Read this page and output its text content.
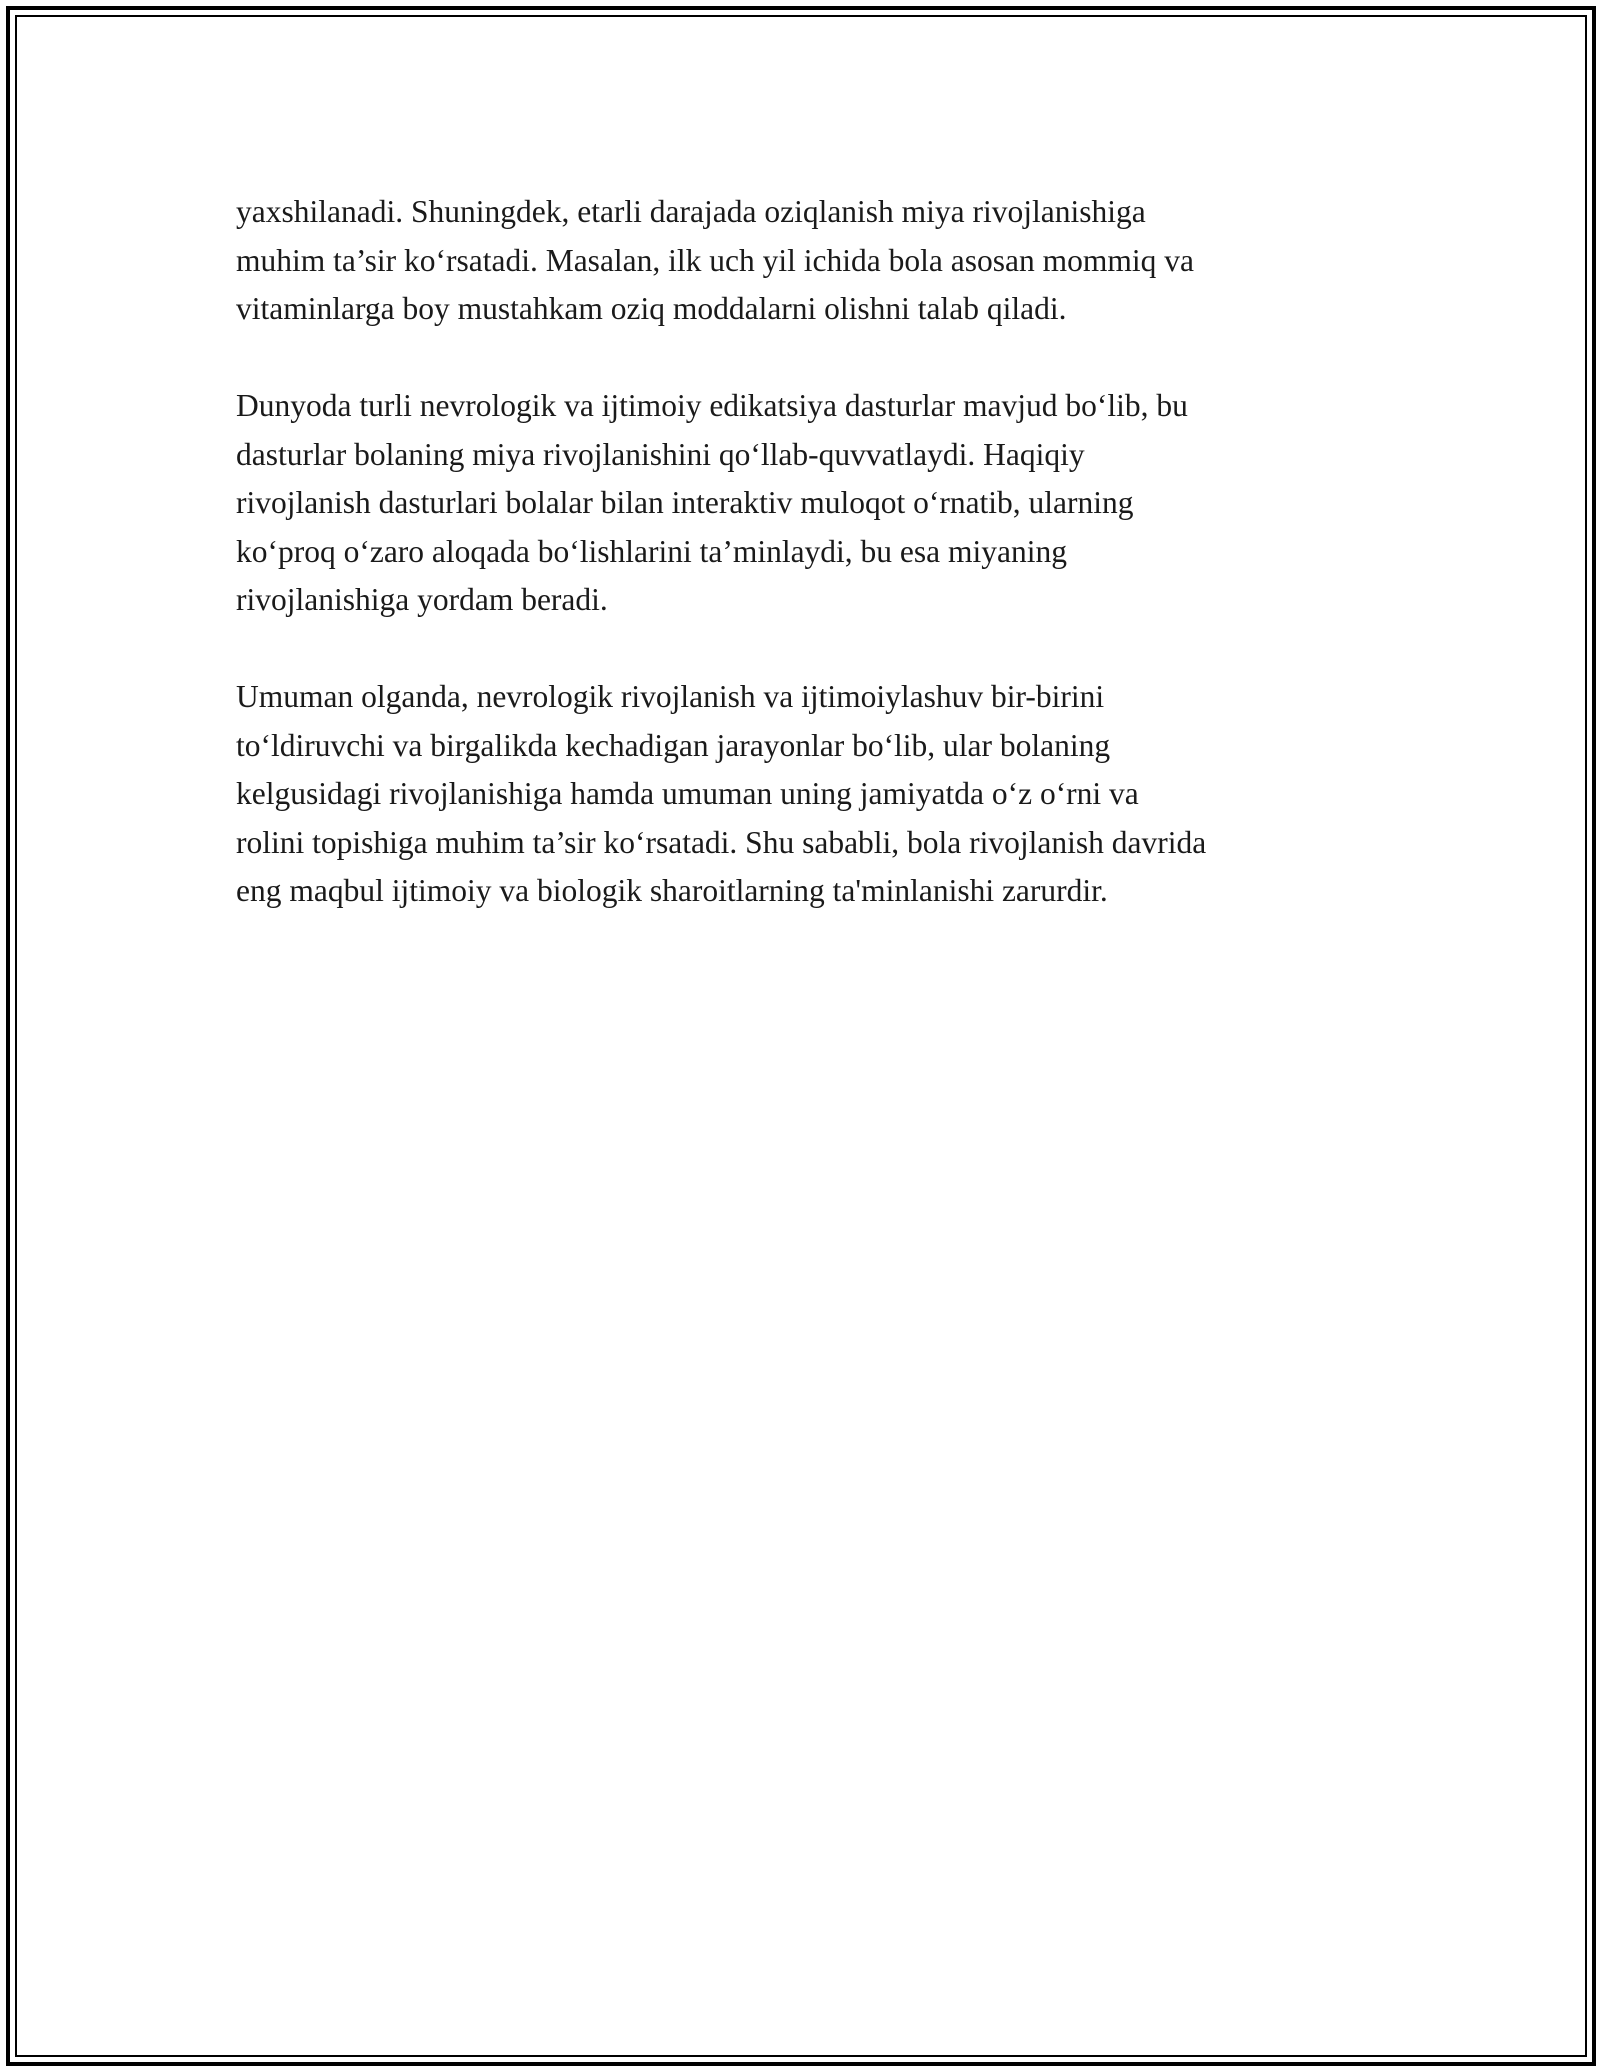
yaxshilanadi. Shuningdek, etarli darajada oziqlanish miya rivojlanishiga
muhim ta’sir ko‘rsatadi. Masalan, ilk uch yil ichida bola asosan mommiq va
vitaminlarga boy mustahkam oziq moddalarni olishni talab qiladi.

Dunyoda turli nevrologik va ijtimoiy edikatsiya dasturlar mavjud bo‘lib, bu
dasturlar bolaning miya rivojlanishini qo‘llab-quvvatlaydi. Haqiqiy
rivojlanish dasturlari bolalar bilan interaktiv muloqot o‘rnatib, ularning
ko‘proq o‘zaro aloqada bo‘lishlarini ta’minlaydi, bu esa miyaning
rivojlanishiga yordam beradi.

Umuman olganda, nevrologik rivojlanish va ijtimoiylashuv bir-birini
to‘ldiruvchi va birgalikda kechadigan jarayonlar bo‘lib, ular bolaning
kelgusidagi rivojlanishiga hamda umuman uning jamiyatda o‘z o‘rni va
rolini topishiga muhim ta’sir ko‘rsatadi. Shu sababli, bola rivojlanish davrida
eng maqbul ijtimoiy va biologik sharoitlarning ta'minlanishi zarurdir.
